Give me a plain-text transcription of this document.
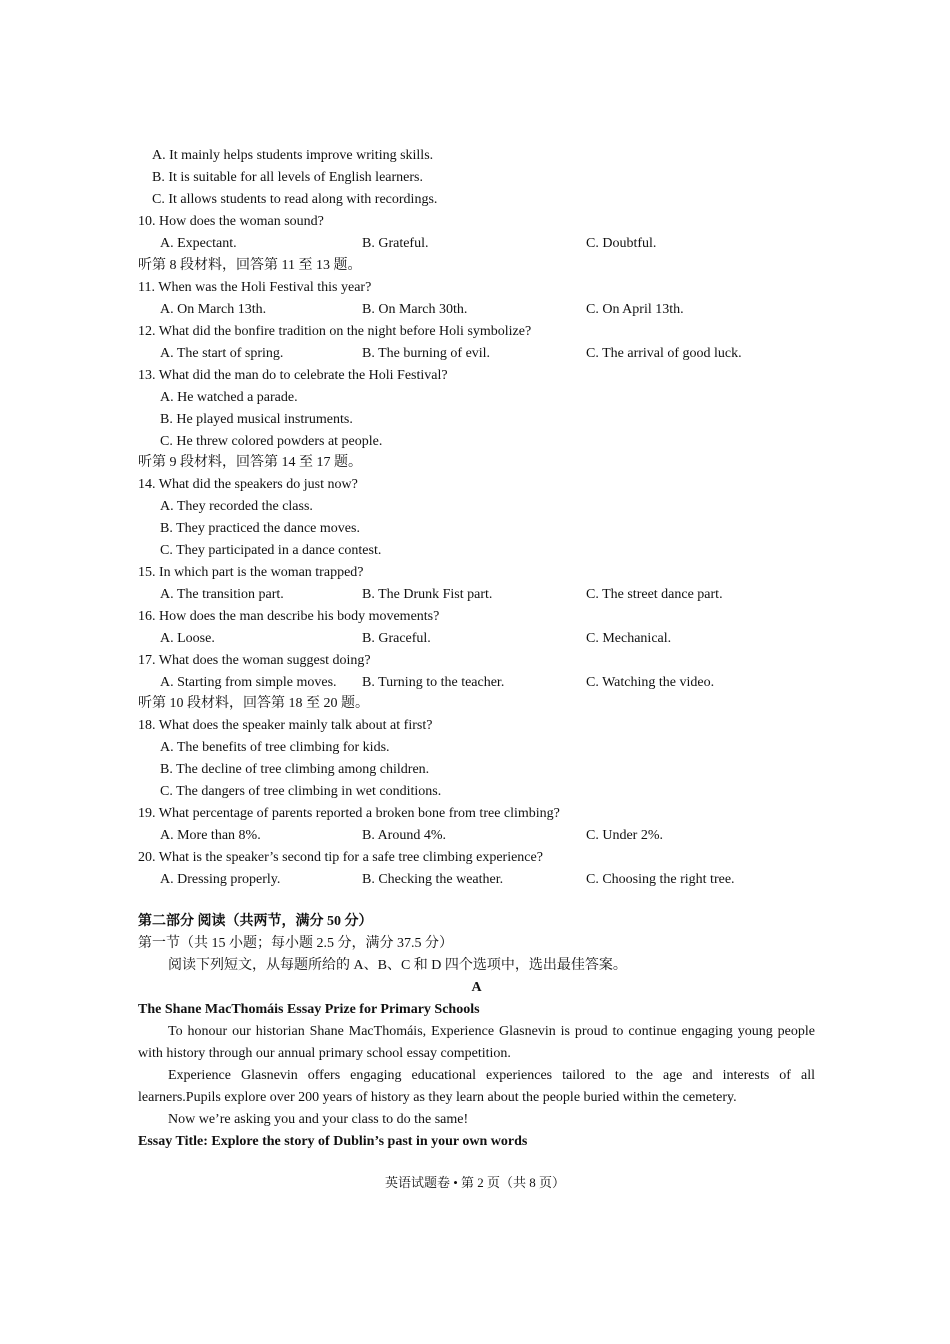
A. It mainly helps students improve writing skills.
B. It is suitable for all levels of English learners.
C. It allows students to read along with recordings.
10. How does the woman sound?
A. Expectant.	B. Grateful.	C. Doubtful.
听第 8 段材料，回答第 11 至 13 题。
11. When was the Holi Festival this year?
A. On March 13th.	B. On March 30th.	C. On April 13th.
12. What did the bonfire tradition on the night before Holi symbolize?
A. The start of spring.	B. The burning of evil.	C. The arrival of good luck.
13. What did the man do to celebrate the Holi Festival?
A. He watched a parade.
B. He played musical instruments.
C. He threw colored powders at people.
听第 9 段材料，回答第 14 至 17 题。
14. What did the speakers do just now?
A. They recorded the class.
B. They practiced the dance moves.
C. They participated in a dance contest.
15. In which part is the woman trapped?
A. The transition part.	B. The Drunk Fist part.	C. The street dance part.
16. How does the man describe his body movements?
A. Loose.	B. Graceful.	C. Mechanical.
17. What does the woman suggest doing?
A. Starting from simple moves. B. Turning to the teacher.	C. Watching the video.
听第 10 段材料，回答第 18 至 20 题。
18. What does the speaker mainly talk about at first?
A. The benefits of tree climbing for kids.
B. The decline of tree climbing among children.
C. The dangers of tree climbing in wet conditions.
19. What percentage of parents reported a broken bone from tree climbing?
A. More than 8%.	B. Around 4%.	C. Under 2%.
20. What is the speaker’s second tip for a safe tree climbing experience?
A. Dressing properly.	B. Checking the weather.	C. Choosing the right tree.
第二部分 阅读（共两节，满分 50 分）
第一节（共 15 小题；每小题 2.5 分，满分 37.5 分）
阅读下列短文，从每题所给的 A、B、C 和 D 四个选项中，选出最佳答案。
A
The Shane MacThomáis Essay Prize for Primary Schools
To honour our historian Shane MacThomáis, Experience Glasnevin is proud to continue engaging young people with history through our annual primary school essay competition.
Experience Glasnevin offers engaging educational experiences tailored to the age and interests of all learners.Pupils explore over 200 years of history as they learn about the people buried within the cemetery.
Now we’re asking you and your class to do the same!
Essay Title: Explore the story of Dublin’s past in your own words
英语试题卷 • 第 2 页（共 8 页）
